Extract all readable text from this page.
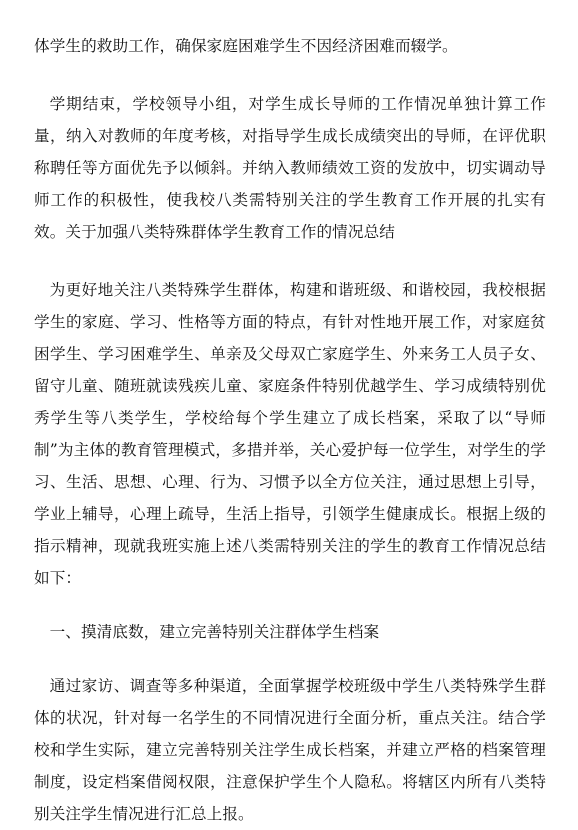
体学生的救助工作，确保家庭困难学生不因经济困难而辍学。

学期结束，学校领导小组，对学生成长导师的工作情况单独计算工作量，纳入对教师的年度考核，对指导学生成长成绩突出的导师，在评优职称聘任等方面优先予以倾斜。并纳入教师绩效工资的发放中，切实调动导师工作的积极性，使我校八类需特别关注的学生教育工作开展的扎实有效。关于加强八类特殊群体学生教育工作的情况总结

为更好地关注八类特殊学生群体，构建和谐班级、和谐校园，我校根据学生的家庭、学习、性格等方面的特点，有针对性地开展工作，对家庭贫困学生、学习困难学生、单亲及父母双亡家庭学生、外来务工人员子女、留守儿童、随班就读残疾儿童、家庭条件特别优越学生、学习成绩特别优秀学生等八类学生，学校给每个学生建立了成长档案，采取了以“导师制”为主体的教育管理模式，多措并举，关心爱护每一位学生，对学生的学习、生活、思想、心理、行为、习惯予以全方位关注，通过思想上引导，学业上辅导，心理上疏导，生活上指导，引领学生健康成长。根据上级的指示精神，现就我班实施上述八类需特别关注的学生的教育工作情况总结如下：

一、摸清底数，建立完善特别关注群体学生档案

通过家访、调查等多种渠道，全面掌握学校班级中学生八类特殊学生群体的状况，针对每一名学生的不同情况进行全面分析，重点关注。结合学校和学生实际，建立完善特别关注学生成长档案，并建立严格的档案管理制度，设定档案借阅权限，注意保护学生个人隐私。将辖区内所有八类特别关注学生情况进行汇总上报。
